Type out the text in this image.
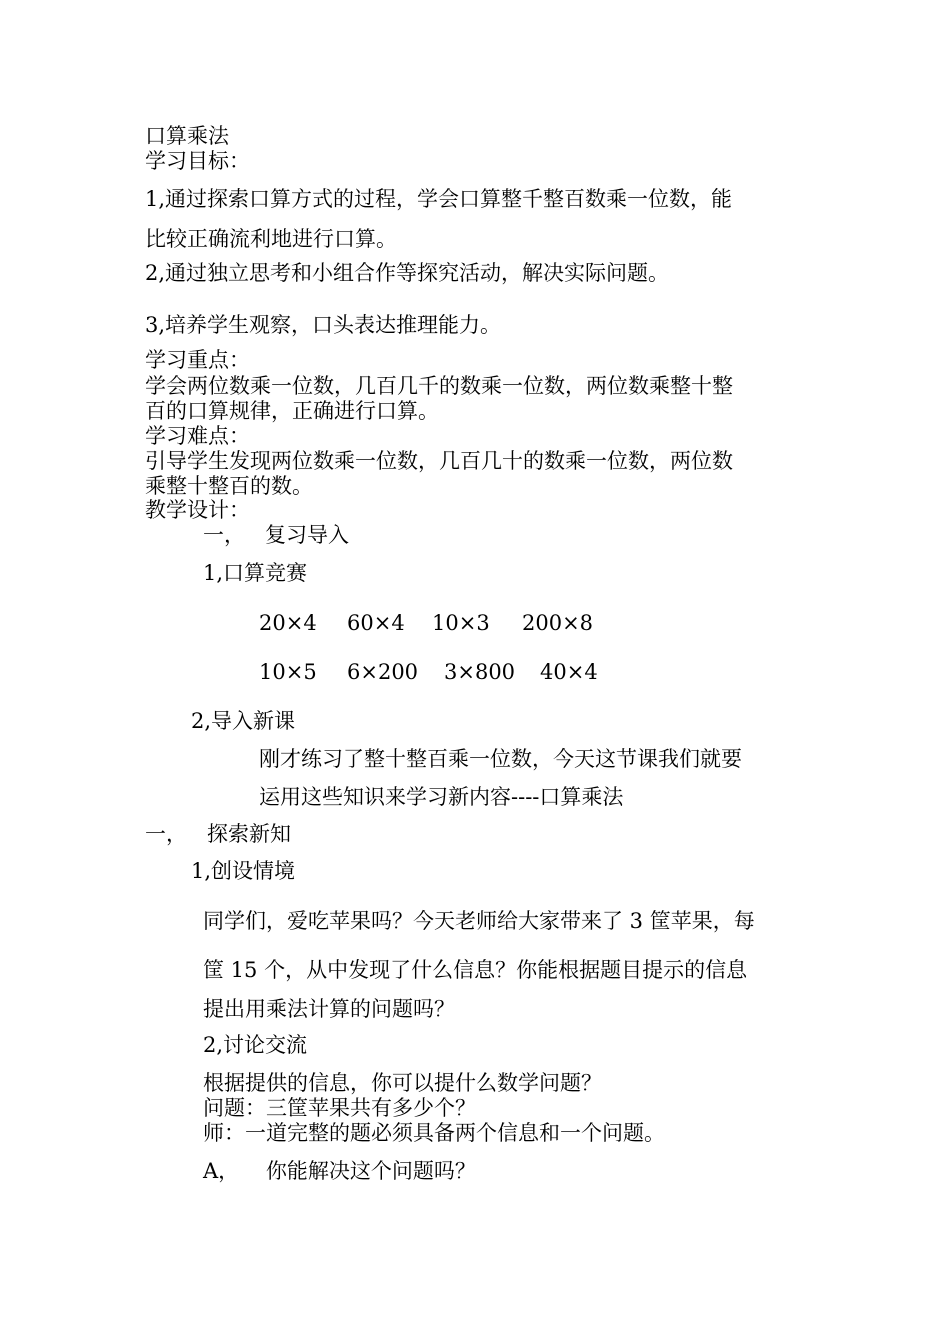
口算乘法
学习目标：
1,通过探索口算方式的过程，学会口算整千整百数乘一位数，能
比较正确流利地进行口算。
2,通过独立思考和小组合作等探究活动，解决实际问题。
3,培养学生观察，口头表达推理能力。
学习重点：
学会两位数乘一位数，几百几千的数乘一位数，两位数乘整十整
百的口算规律，正确进行口算。
学习难点：
引导学生发现两位数乘一位数，几百几十的数乘一位数，两位数
乘整十整百的数。
教学设计：
一，   复习导入
1,口算竞赛
20×4 60×4 10×3 200×8
10×5 6×200 3×800 40×4
2,导入新课
刚才练习了整十整百乘一位数，今天这节课我们就要
运用这些知识来学习新内容----口算乘法
一，   探索新知
1,创设情境
同学们，爱吃苹果吗？今天老师给大家带来了 3 筐苹果，每
筐 15 个，从中发现了什么信息？你能根据题目提示的信息
提出用乘法计算的问题吗？
2,讨论交流
根据提供的信息，你可以提什么数学问题？
问题：三筐苹果共有多少个？
师：一道完整的题必须具备两个信息和一个问题。
A，    你能解决这个问题吗？
